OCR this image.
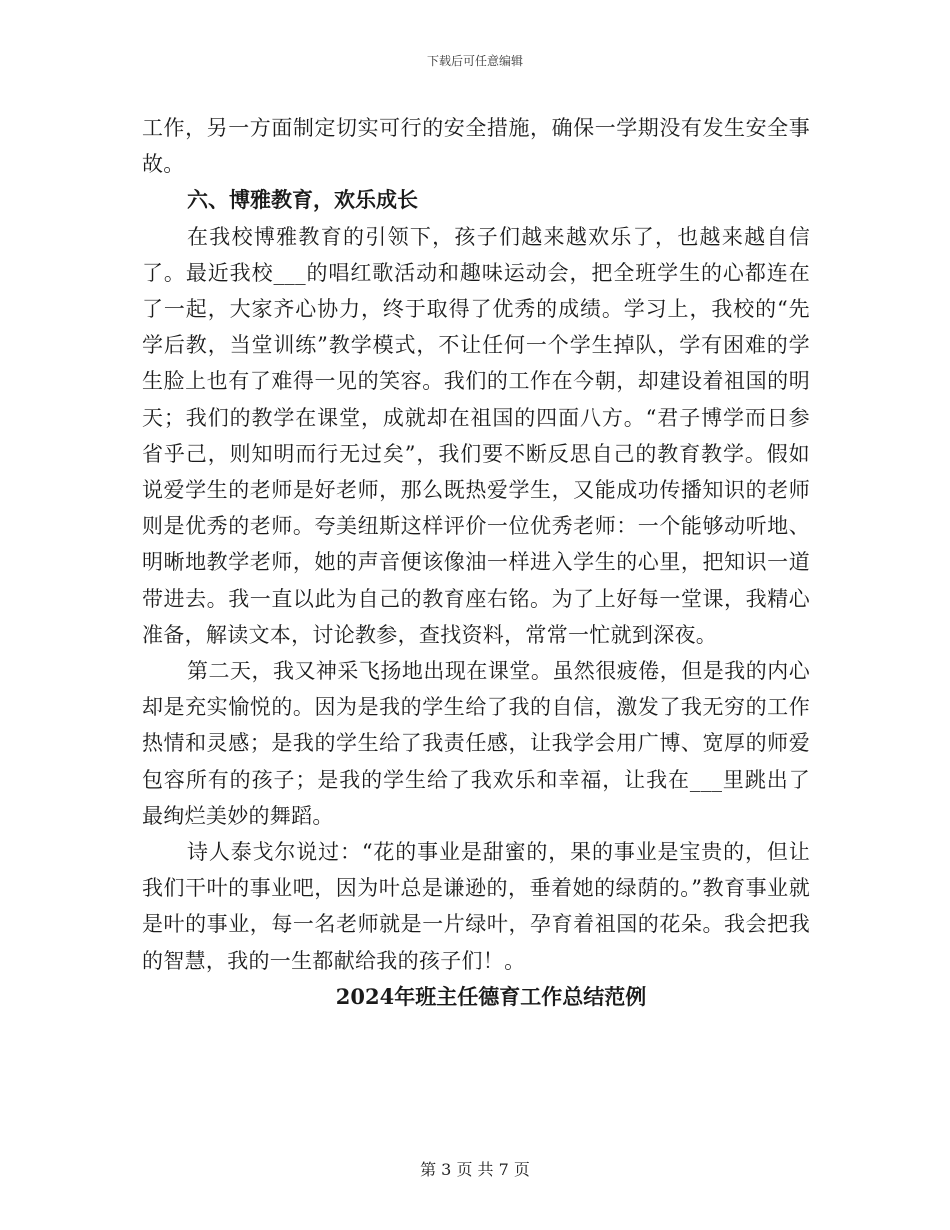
下载后可任意编辑

工作，另一方面制定切实可行的安全措施，确保一学期没有发生安全事故。

六、博雅教育，欢乐成长

在我校博雅教育的引领下，孩子们越来越欢乐了，也越来越自信了。最近我校___的唱红歌活动和趣味运动会，把全班学生的心都连在了一起，大家齐心协力，终于取得了优秀的成绩。学习上，我校的“先学后教，当堂训练”教学模式，不让任何一个学生掉队，学有困难的学生脸上也有了难得一见的笑容。我们的工作在今朝，却建设着祖国的明天；我们的教学在课堂，成就却在祖国的四面八方。“君子博学而日参省乎己，则知明而行无过矣”，我们要不断反思自己的教育教学。假如说爱学生的老师是好老师，那么既热爱学生，又能成功传播知识的老师则是优秀的老师。夸美纽斯这样评价一位优秀老师：一个能够动听地、明晰地教学老师，她的声音便该像油一样进入学生的心里，把知识一道带进去。我一直以此为自己的教育座右铭。为了上好每一堂课，我精心准备，解读文本，讨论教参，查找资料，常常一忙就到深夜。

第二天，我又神采飞扬地出现在课堂。虽然很疲倦，但是我的内心却是充实愉悦的。因为是我的学生给了我的自信，激发了我无穷的工作热情和灵感；是我的学生给了我责任感，让我学会用广博、宽厚的师爱包容所有的孩子；是我的学生给了我欢乐和幸福，让我在___里跳出了最绚烂美妙的舞蹈。

诗人泰戈尔说过：“花的事业是甜蜜的，果的事业是宝贵的，但让我们干叶的事业吧，因为叶总是谦逊的，垂着她的绿荫的。”教育事业就是叶的事业，每一名老师就是一片绿叶，孕育着祖国的花朵。我会把我的智慧，我的一生都献给我的孩子们！。

2024年班主任德育工作总结范例

第 3 页 共 7 页
